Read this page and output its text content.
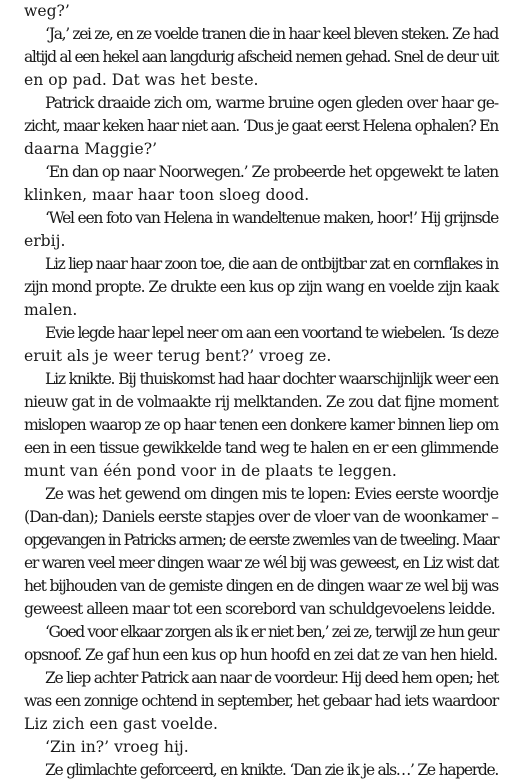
weg?’
‘Ja,’ zei ze, en ze voelde tranen die in haar keel bleven steken. Ze had
altijd al een hekel aan langdurig afscheid nemen gehad. Snel de deur uit
en op pad. Dat was het beste.
Patrick draaide zich om, warme bruine ogen gleden over haar ge-
zicht, maar keken haar niet aan. ‘Dus je gaat eerst Helena ophalen? En
daarna Maggie?’
‘En dan op naar Noorwegen.’ Ze probeerde het opgewekt te laten
klinken, maar haar toon sloeg dood.
‘Wel een foto van Helena in wandeltenue maken, hoor!’ Hij grijnsde
erbij.
Liz liep naar haar zoon toe, die aan de ontbijtbar zat en cornflakes in
zijn mond propte. Ze drukte een kus op zijn wang en voelde zijn kaak
malen.
Evie legde haar lepel neer om aan een voortand te wiebelen. ‘Is deze
eruit als je weer terug bent?’ vroeg ze.
Liz knikte. Bij thuiskomst had haar dochter waarschijnlijk weer een
nieuw gat in de volmaakte rij melktanden. Ze zou dat fijne moment
mislopen waarop ze op haar tenen een donkere kamer binnen liep om
een in een tissue gewikkelde tand weg te halen en er een glimmende
munt van één pond voor in de plaats te leggen.
Ze was het gewend om dingen mis te lopen: Evies eerste woordje
(Dan-dan); Daniels eerste stapjes over de vloer van de woonkamer –
opgevangen in Patricks armen; de eerste zwemles van de tweeling. Maar
er waren veel meer dingen waar ze wél bij was geweest, en Liz wist dat
het bijhouden van de gemiste dingen en de dingen waar ze wel bij was
geweest alleen maar tot een scorebord van schuldgevoelens leidde.
‘Goed voor elkaar zorgen als ik er niet ben,’ zei ze, terwijl ze hun geur
opsnoof. Ze gaf hun een kus op hun hoofd en zei dat ze van hen hield.
Ze liep achter Patrick aan naar de voordeur. Hij deed hem open; het
was een zonnige ochtend in september, het gebaar had iets waardoor
Liz zich een gast voelde.
‘Zin in?’ vroeg hij.
Ze glimlachte geforceerd, en knikte. ‘Dan zie ik je als…’ Ze haperde.
